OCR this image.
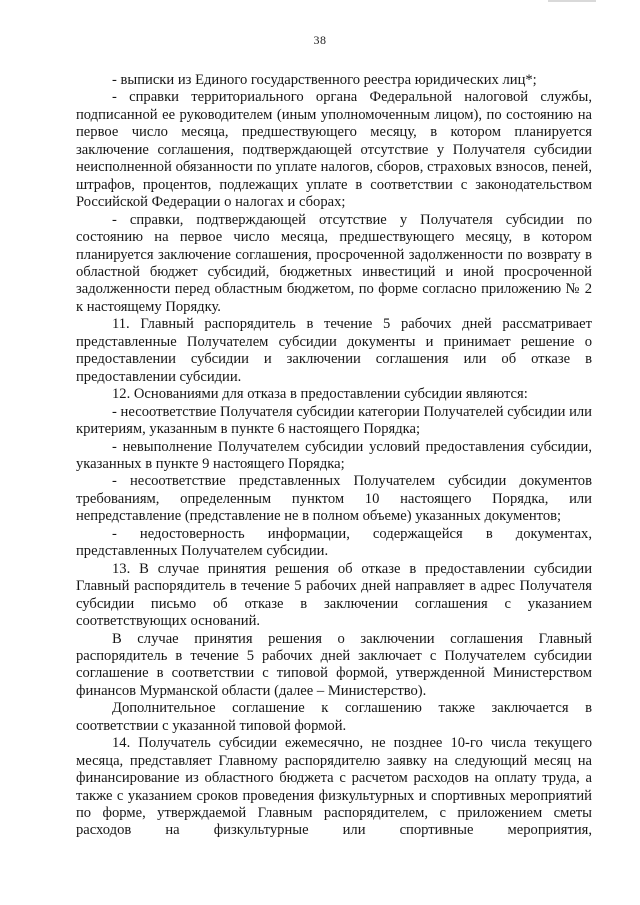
38

- выписки из Единого государственного реестра юридических лиц*;

- справки территориального органа Федеральной налоговой службы, подписанной ее руководителем (иным уполномоченным лицом), по состоянию на первое число месяца, предшествующего месяцу, в котором планируется заключение соглашения, подтверждающей отсутствие у Получателя субсидии неисполненной обязанности по уплате налогов, сборов, страховых взносов, пеней, штрафов, процентов, подлежащих уплате в соответствии с законодательством Российской Федерации о налогах и сборах;

- справки, подтверждающей отсутствие у Получателя субсидии по состоянию на первое число месяца, предшествующего месяцу, в котором планируется заключение соглашения, просроченной задолженности по возврату в областной бюджет субсидий, бюджетных инвестиций и иной просроченной задолженности перед областным бюджетом, по форме согласно приложению № 2 к настоящему Порядку.

11. Главный распорядитель в течение 5 рабочих дней рассматривает представленные Получателем субсидии документы и принимает решение о предоставлении субсидии и заключении соглашения или об отказе в предоставлении субсидии.

12. Основаниями для отказа в предоставлении субсидии являются:

- несоответствие Получателя субсидии категории Получателей субсидии или критериям, указанным в пункте 6 настоящего Порядка;

- невыполнение Получателем субсидии условий предоставления субсидии, указанных в пункте 9 настоящего Порядка;

- несоответствие представленных Получателем субсидии документов требованиям, определенным пунктом 10 настоящего Порядка, или непредставление (представление не в полном объеме) указанных документов;

- недостоверность информации, содержащейся в документах, представленных Получателем субсидии.

13. В случае принятия решения об отказе в предоставлении субсидии Главный распорядитель в течение 5 рабочих дней направляет в адрес Получателя субсидии письмо об отказе в заключении соглашения с указанием соответствующих оснований.

В случае принятия решения о заключении соглашения Главный распорядитель в течение 5 рабочих дней заключает с Получателем субсидии соглашение в соответствии с типовой формой, утвержденной Министерством финансов Мурманской области (далее – Министерство).

Дополнительное соглашение к соглашению также заключается в соответствии с указанной типовой формой.

14. Получатель субсидии ежемесячно, не позднее 10-го числа текущего месяца, представляет Главному распорядителю заявку на следующий месяц на финансирование из областного бюджета с расчетом расходов на оплату труда, а также с указанием сроков проведения физкультурных и спортивных мероприятий по форме, утверждаемой Главным распорядителем, с приложением сметы расходов на физкультурные или спортивные мероприятия,
